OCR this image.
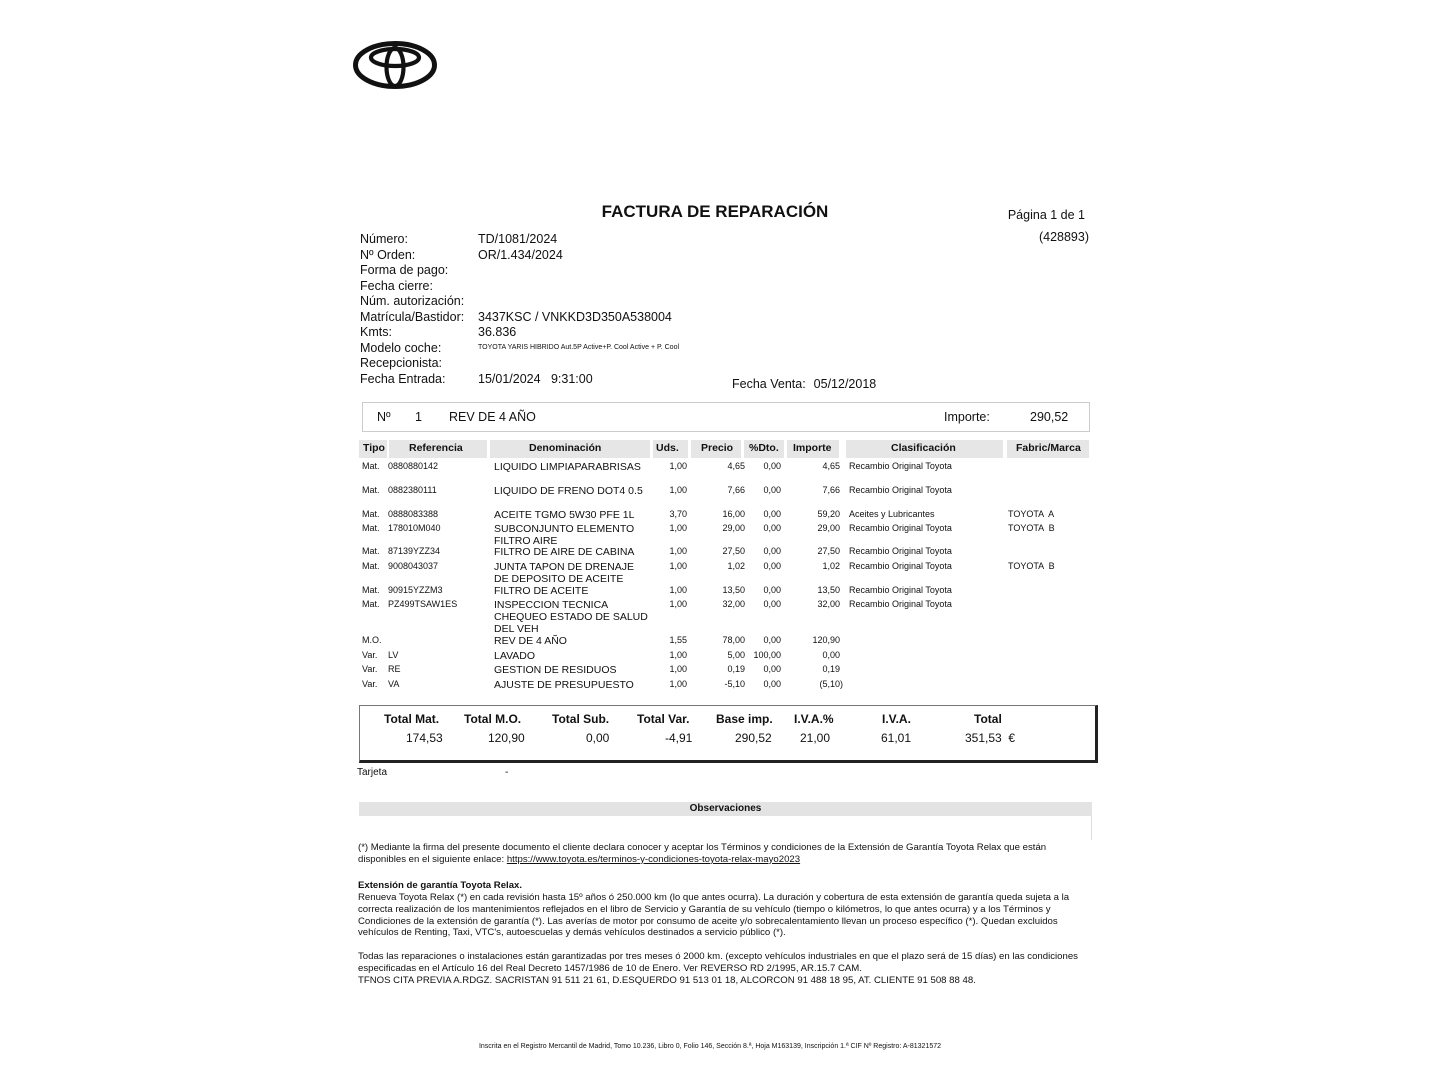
FACTURA DE REPARACIÓN	Página 1 de 1
(428893)
Número:	TD/1081/2024
Nº Orden:	OR/1.434/2024
Forma de pago:
Fecha cierre:
Núm. autorización:
Matrícula/Bastidor: 3437KSC / VNKKD3D350A538004
Kmts:	36.836
Modelo coche:	TOYOTA YARIS HIBRIDO Aut.5P Active+P. Cool Active + P. Cool
Recepcionista:
Fecha Entrada:	15/01/2024   9:31:00	Fecha Venta: 05/12/2018
Nº 1 REV DE 4 AÑO	Importe:	290,52
Tipo Referencia	Denominación	Uds. Precio %Dto. Importe	Clasificación	Fabric/Marca
Mat. 0880880142	LIQUIDO LIMPIAPARABRISAS	1,00	4,65	0,00	4,65 Recambio Original Toyota
Mat. 0882380111	LIQUIDO DE FRENO DOT4 0.5	1,00	7,66	0,00	7,66 Recambio Original Toyota
Mat. 0888083388	ACEITE TGMO 5W30 PFE 1L	3,70	16,00	0,00	59,20 Aceites y Lubricantes	TOYOTA  A
Mat. 178010M040	SUBCONJUNTO ELEMENTO FILTRO AIRE
1,00	29,00	0,00	29,00 Recambio Original Toyota	TOYOTA  B
Mat. 87139YZZ34	FILTRO DE AIRE DE CABINA	1,00	27,50	0,00	27,50 Recambio Original Toyota
Mat. 9008043037	JUNTA TAPON DE DRENAJE DE DEPOSITO DE ACEITE
1,00	1,02	0,00	1,02 Recambio Original Toyota	TOYOTA  B
Mat. 90915YZZM3	FILTRO DE ACEITE	1,00	13,50	0,00	13,50 Recambio Original Toyota
Mat. PZ499TSAW1ES	INSPECCION TECNICA CHEQUEO ESTADO DE SALUD DEL VEH
1,00	32,00	0,00	32,00 Recambio Original Toyota
M.O.	REV DE 4 AÑO	1,55	78,00	0,00	120,90
Var. LV	LAVADO	1,00	5,00 100,00	0,00
Var. RE	GESTION DE RESIDUOS	1,00	0,19	0,00	0,19
Var. VA	AJUSTE DE PRESUPUESTO	1,00	-5,10	0,00	(5,10)
Total Mat. Total M.O.	Total Sub. Total Var. Base imp. I.V.A.%	I.V.A.	Total
174,53	120,90	0,00	-4,91	290,52 21,00	61,01	351,53  €
Tarjeta	-
Observaciones
(*) Mediante la firma del presente documento el cliente declara conocer y aceptar los Términos y condiciones de la Extensión de Garantía Toyota Relax que están disponibles en el siguiente enlace: https://www.toyota.es/terminos-y-condiciones-toyota-relax-mayo2023
Extensión de garantía Toyota Relax.
Renueva Toyota Relax (*) en cada revisión hasta 15º años ó 250.000 km (lo que antes ocurra). La duración y cobertura de esta extensión de garantía queda sujeta a la correcta realización de los mantenimientos reflejados en el libro de Servicio y Garantía de su vehículo (tiempo o kilómetros, lo que antes ocurra) y a los Términos y Condiciones de la extensión de garantía (*). Las averías de motor por consumo de aceite y/o sobrecalentamiento llevan un proceso específico (*). Quedan excluidos vehículos de Renting, Taxi, VTC's, autoescuelas y demás vehículos destinados a servicio público (*).
Todas las reparaciones o instalaciones están garantizadas por tres meses ó 2000 km. (excepto vehículos industriales en que el plazo será de 15 días) en las condiciones especificadas en el Artículo 16 del Real Decreto 1457/1986 de 10 de Enero. Ver REVERSO RD 2/1995, AR.15.7 CAM.
TFNOS CITA PREVIA A.RDGZ. SACRISTAN 91 511 21 61, D.ESQUERDO 91 513 01 18, ALCORCON 91 488 18 95, AT. CLIENTE 91 508 88 48.
Inscrita en el Registro Mercantil de Madrid, Tomo 10.236, Libro 0, Folio 146, Sección 8.ª, Hoja M163139, Inscripción 1.ª CIF Nº Registro: A-81321572
